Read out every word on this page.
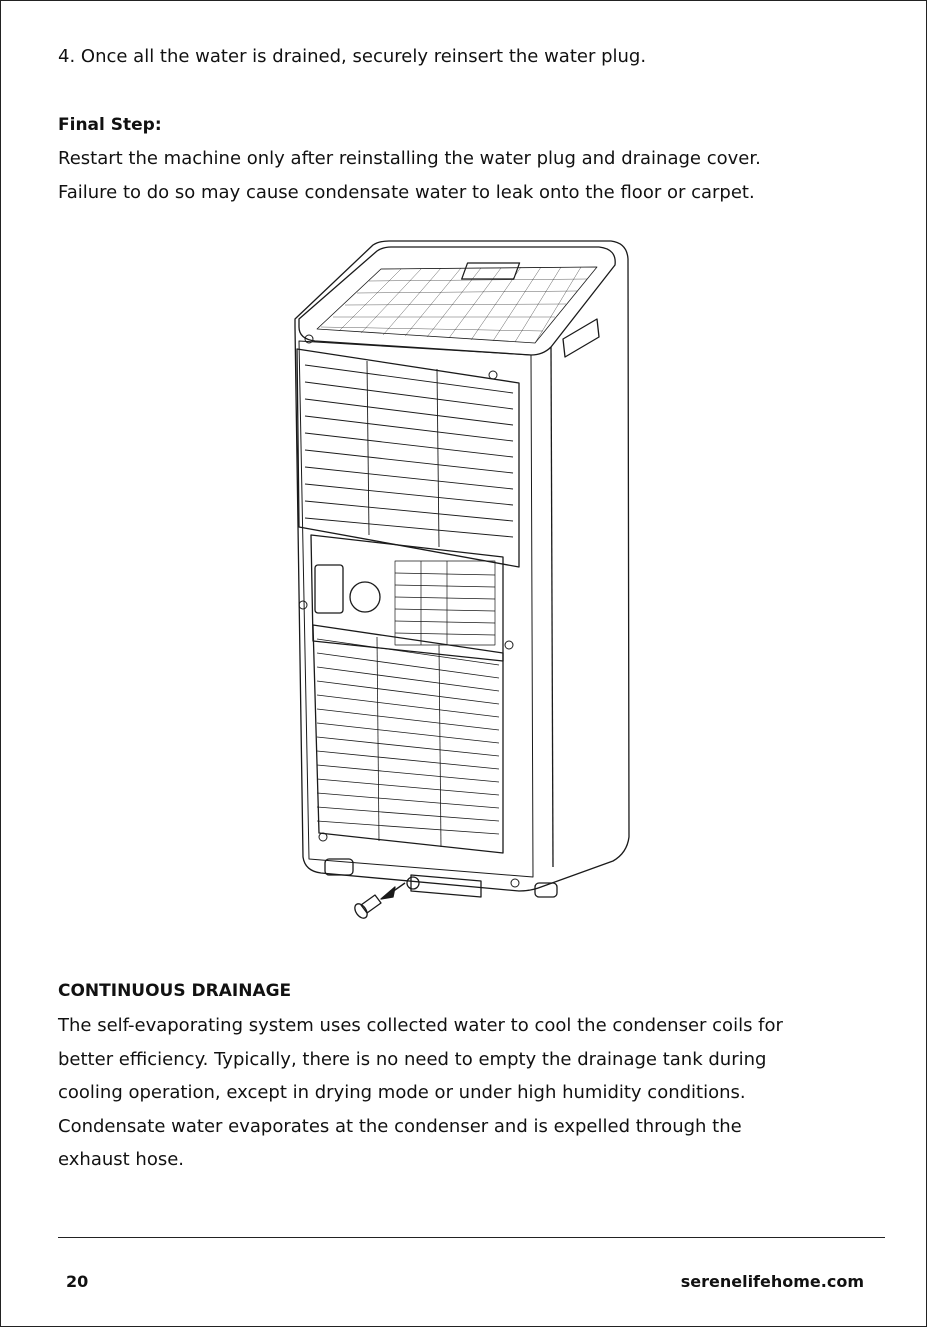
4. Once all the water is drained, securely reinsert the water plug.
Final Step:
Restart the machine only after reinstalling the water plug and drainage cover.
Failure to do so may cause condensate water to leak onto the floor or carpet.
CONTINUOUS DRAINAGE
The self-evaporating system uses collected water to cool the condenser coils for
better efficiency. Typically, there is no need to empty the drainage tank during
cooling operation, except in drying mode or under high humidity conditions.
Condensate water evaporates at the condenser and is expelled through the
exhaust hose.
20	serenelifehome.com
